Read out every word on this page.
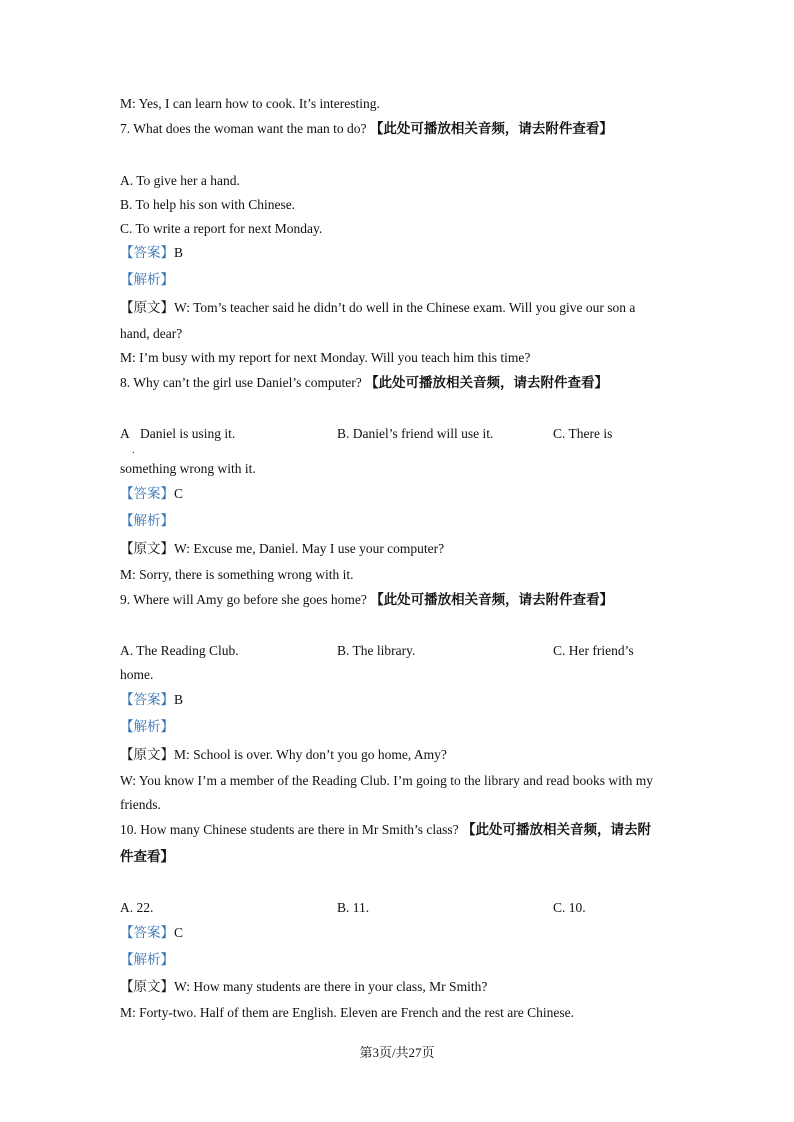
M: Yes, I can learn how to cook. It’s interesting.
7. What does the woman want the man to do? 【此处可播放相关音频，请去附件查看】
A. To give her a hand.
B. To help his son with Chinese.
C. To write a report for next Monday.
【答案】B
【解析】
【原文】W: Tom’s teacher said he didn’t do well in the Chinese exam. Will you give our son a
hand, dear?
M: I’m busy with my report for next Monday. Will you teach him this time?
8. Why can’t the girl use Daniel’s computer? 【此处可播放相关音频，请去附件查看】
A
.
Daniel is using it.	B. Daniel’s friend will use it.	C. There is
something wrong with it.
【答案】C
【解析】
【原文】W: Excuse me, Daniel. May I use your computer?
M: Sorry, there is something wrong with it.
9. Where will Amy go before she goes home? 【此处可播放相关音频，请去附件查看】
A. The Reading Club.	B. The library.	C. Her friend’s
home.
【答案】B
【解析】
【原文】M: School is over. Why don’t you go home, Amy?
W: You know I’m a member of the Reading Club. I’m going to the library and read books with my
friends.
10. How many Chinese students are there in Mr Smith’s class? 【此处可播放相关音频，请去附
件查看】
A. 22.	B. 11.	C. 10.
【答案】C
【解析】
【原文】W: How many students are there in your class, Mr Smith?
M: Forty-two. Half of them are English. Eleven are French and the rest are Chinese.
第3页/共27页
